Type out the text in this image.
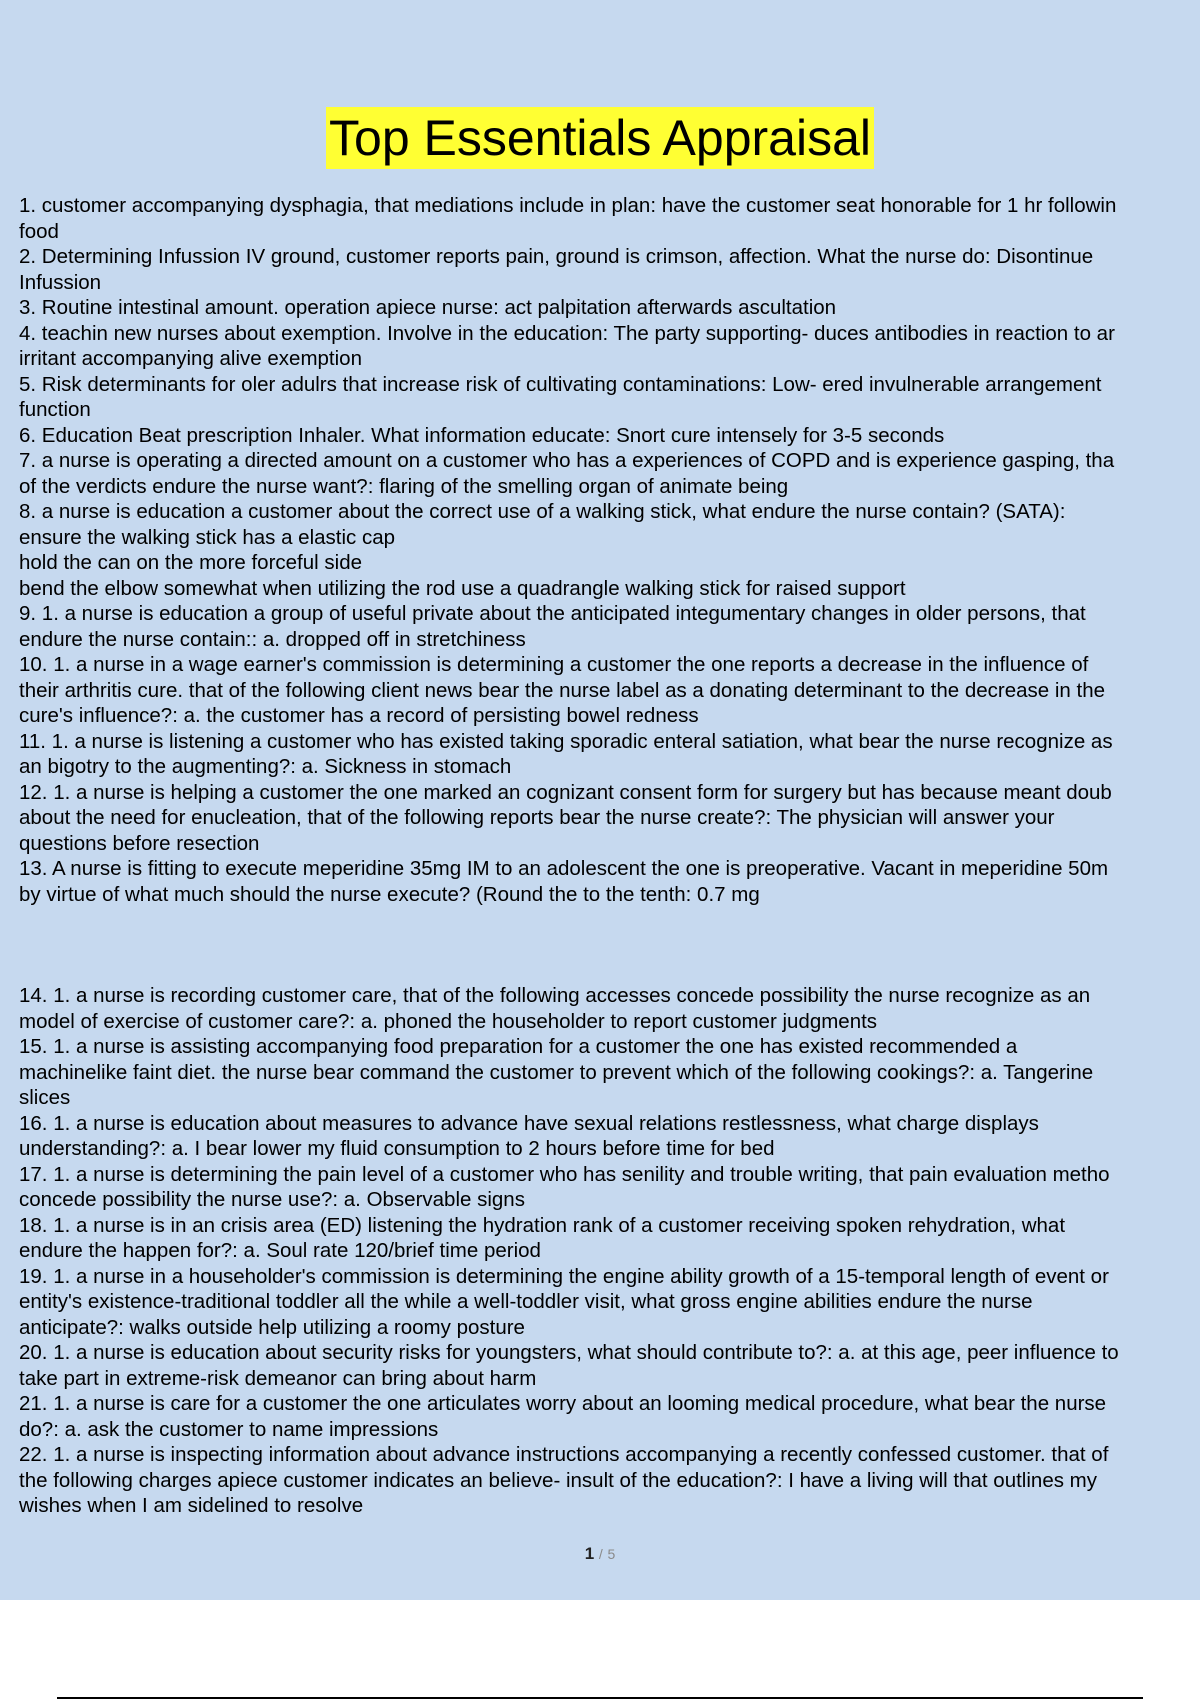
Top Essentials Appraisal
1. customer accompanying dysphagia, that mediations include in plan: have the customer seat honorable for 1 hr followin
food
2. Determining Infussion IV ground, customer reports pain, ground is crimson, affection. What the nurse do: Disontinue
Infussion
3. Routine intestinal amount. operation apiece nurse: act palpitation afterwards ascultation
4. teachin new nurses about exemption. Involve in the education: The party supporting- duces antibodies in reaction to ar
irritant accompanying alive exemption
5. Risk determinants for oler adulrs that increase risk of cultivating contaminations: Low- ered invulnerable arrangement
function
6. Education Beat prescription Inhaler. What information educate: Snort cure intensely for 3-5 seconds
7. a nurse is operating a directed amount on a customer who has a experiences of COPD and is experience gasping, tha
of the verdicts endure the nurse want?: flaring of the smelling organ of animate being
8. a nurse is education a customer about the correct use of a walking stick, what endure the nurse contain? (SATA):
ensure the walking stick has a elastic cap
hold the can on the more forceful side
bend the elbow somewhat when utilizing the rod use a quadrangle walking stick for raised support
9. 1. a nurse is education a group of useful private about the anticipated integumentary changes in older persons, that
endure the nurse contain:: a. dropped off in stretchiness
10. 1. a nurse in a wage earner's commission is determining a customer the one reports a decrease in the influence of
their arthritis cure. that of the following client news bear the nurse label as a donating determinant to the decrease in the
cure's influence?: a. the customer has a record of persisting bowel redness
11. 1. a nurse is listening a customer who has existed taking sporadic enteral satiation, what bear the nurse recognize as
an bigotry to the augmenting?: a. Sickness in stomach
12. 1. a nurse is helping a customer the one marked an cognizant consent form for surgery but has because meant doub
about the need for enucleation, that of the following reports bear the nurse create?: The physician will answer your
questions before resection
13. A nurse is fitting to execute meperidine 35mg IM to an adolescent the one is preoperative. Vacant in meperidine 50m
by virtue of what much should the nurse execute? (Round the to the tenth: 0.7 mg
14. 1. a nurse is recording customer care, that of the following accesses concede possibility the nurse recognize as an
model of exercise of customer care?: a. phoned the householder to report customer judgments
15. 1. a nurse is assisting accompanying food preparation for a customer the one has existed recommended a
machinelike faint diet. the nurse bear command the customer to prevent which of the following cookings?: a. Tangerine
slices
16. 1. a nurse is education about measures to advance have sexual relations restlessness, what charge displays
understanding?: a. I bear lower my fluid consumption to 2 hours before time for bed
17. 1. a nurse is determining the pain level of a customer who has senility and trouble writing, that pain evaluation metho
concede possibility the nurse use?: a. Observable signs
18. 1. a nurse is in an crisis area (ED) listening the hydration rank of a customer receiving spoken rehydration, what
endure the happen for?: a. Soul rate 120/brief time period
19. 1. a nurse in a householder's commission is determining the engine ability growth of a 15-temporal length of event or
entity's existence-traditional toddler all the while a well-toddler visit, what gross engine abilities endure the nurse
anticipate?: walks outside help utilizing a roomy posture
20. 1. a nurse is education about security risks for youngsters, what should contribute to?: a. at this age, peer influence to
take part in extreme-risk demeanor can bring about harm
21. 1. a nurse is care for a customer the one articulates worry about an looming medical procedure, what bear the nurse
do?: a. ask the customer to name impressions
22. 1. a nurse is inspecting information about advance instructions accompanying a recently confessed customer. that of
the following charges apiece customer indicates an believe- insult of the education?: I have a living will that outlines my
wishes when I am sidelined to resolve
1 / 5
